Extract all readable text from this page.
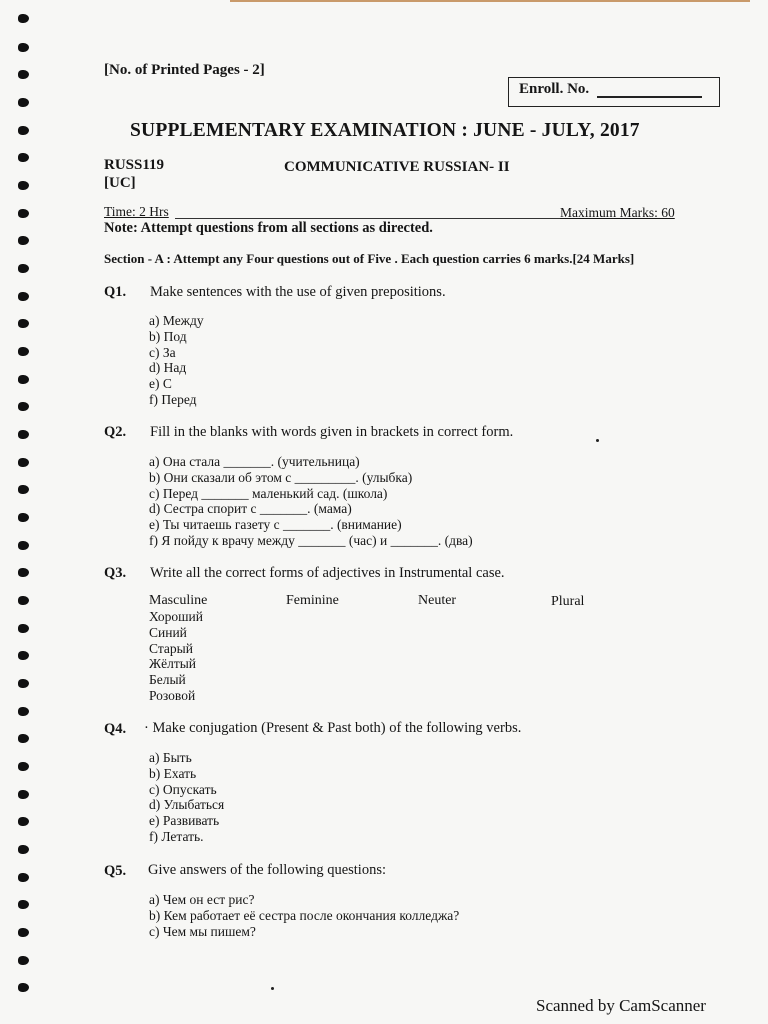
[No. of Printed Pages - 2]
Enroll. No.
SUPPLEMENTARY EXAMINATION : JUNE - JULY, 2017
RUSS119
[UC]
COMMUNICATIVE RUSSIAN- II
Time: 2 Hrs	Maximum Marks: 60
Note: Attempt questions from all sections as directed.
Section - A : Attempt any Four questions out of Five . Each question carries 6 marks.[24 Marks]
Q1. Make sentences with the use of given prepositions.
a) Между
b) Под
c) За
d) Над
e) С
f) Перед
Q2. Fill in the blanks with words given in brackets in correct form.
a) Она стала _______. (учительница)
b) Они сказали об этом с _________. (улыбка)
c) Перед _______ маленький сад. (школа)
d) Сестра спорит с _______. (мама)
e) Ты читаешь газету с _______. (внимание)
f) Я пойду к врачу между _______ (час) и _______. (два)
Q3. Write all the correct forms of adjectives in Instrumental case.
Masculine	Feminine	Neuter	Plural
Хороший
Синий
Старый
Жёлтый
Белый
Розовой
Q4. · Make conjugation (Present & Past both) of the following verbs.
a) Быть
b) Ехать
c) Опускать
d) Улыбаться
e) Развивать
f) Летать.
Q5. Give answers of the following questions:
a) Чем он ест рис?
b) Кем работает её сестра после окончания колледжа?
c) Чем мы пишем?
Scanned by CamScanner
